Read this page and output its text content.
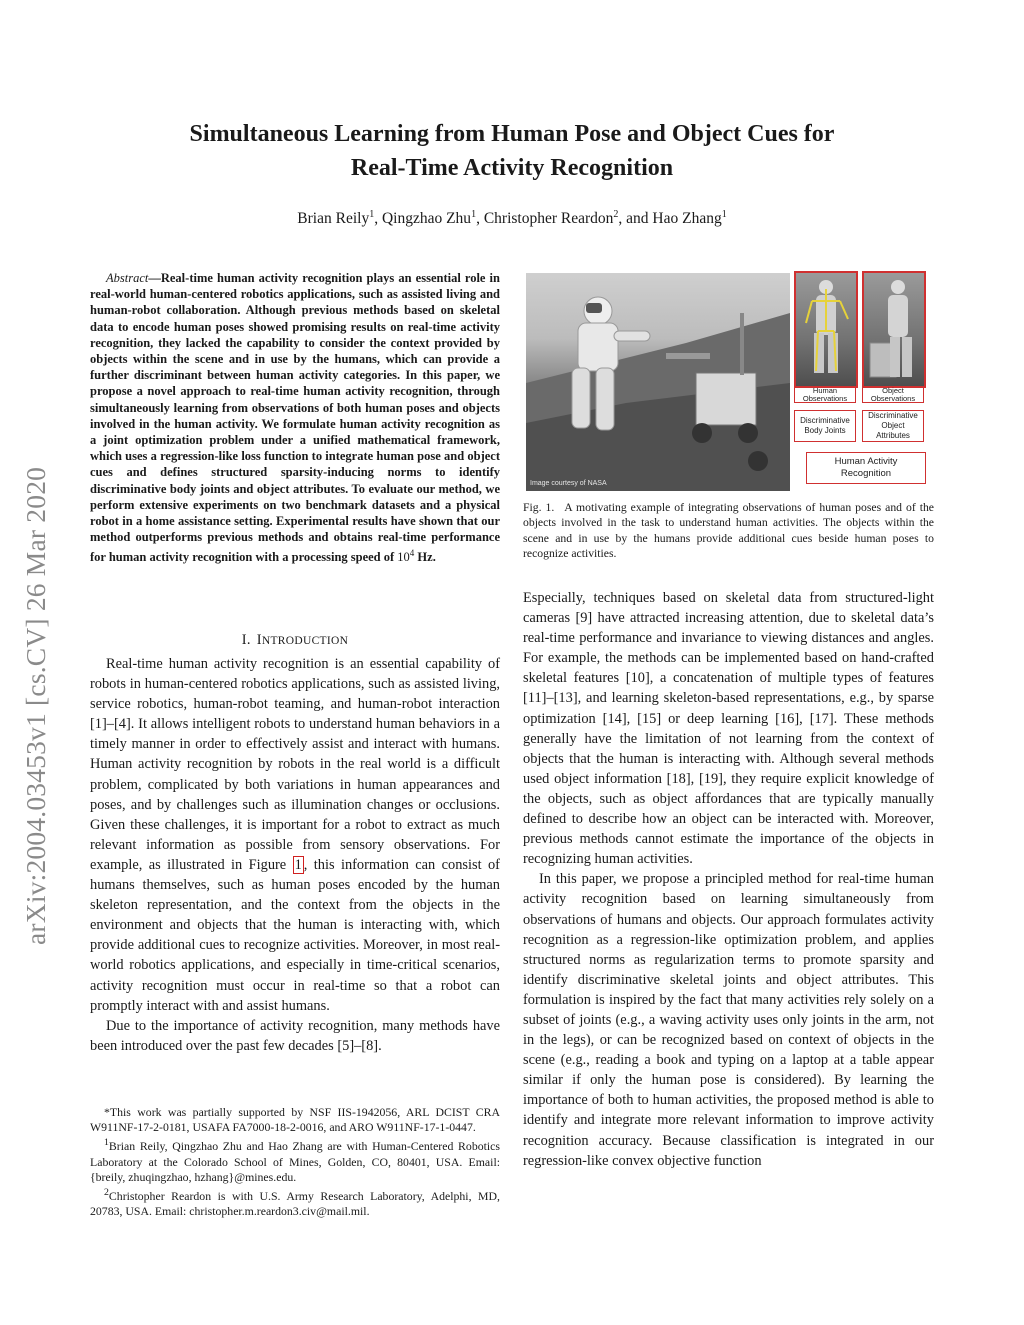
arXiv:2004.03453v1 [cs.CV] 26 Mar 2020
Simultaneous Learning from Human Pose and Object Cues for
Real-Time Activity Recognition
Brian Reily$^1$, Qingzhao Zhu$^1$, Christopher Reardon$^2$, and Hao Zhang$^1$
Abstract—Real-time human activity recognition plays an essential role in real-world human-centered robotics applications, such as assisted living and human-robot collaboration. Although previous methods based on skeletal data to encode human poses showed promising results on real-time activity recognition, they lacked the capability to consider the context provided by objects within the scene and in use by the humans, which can provide a further discriminant between human activity categories. In this paper, we propose a novel approach to real-time human activity recognition, through simultaneously learning from observations of both human poses and objects involved in the human activity. We formulate human activity recognition as a joint optimization problem under a unified mathematical framework, which uses a regression-like loss function to integrate human pose and object cues and defines structured sparsity-inducing norms to identify discriminative body joints and object attributes. To evaluate our method, we perform extensive experiments on two benchmark datasets and a physical robot in a home assistance setting. Experimental results have shown that our method outperforms previous methods and obtains real-time performance for human activity recognition with a processing speed of $10^4$ Hz.
I. INTRODUCTION

Real-time human activity recognition is an essential capability of robots in human-centered robotics applications, such as assisted living, service robotics, human-robot teaming, and human-robot interaction [1]–[4]. It allows intelligent robots to understand human behaviors in a timely manner in order to effectively assist and interact with humans. Human activity recognition by robots in the real world is a difficult problem, complicated by both variations in human appearances and poses, and by challenges such as illumination changes or occlusions. Given these challenges, it is important for a robot to extract as much relevant information as possible from sensory observations. For example, as illustrated in Figure 1 , this information can consist of humans themselves, such as human poses encoded by the human skeleton representation, and the context from the objects in the environment and objects that the human is interacting with, which provide additional cues to recognize activities. Moreover, in most real-world robotics applications, and especially in time-critical scenarios, activity recognition must occur in real-time so that a robot can promptly interact with and assist humans.

Due to the importance of activity recognition, many methods have been introduced over the past few decades [5]–[8].

*This work was partially supported by NSF IIS-1942056, ARL DCIST CRA W911NF-17-2-0181, USAFA FA7000-18-2-0016, and ARO W911NF-17-1-0447.

$^1$Brian Reily, Qingzhao Zhu and Hao Zhang are with Human-Centered Robotics Laboratory at the Colorado School of Mines, Golden, CO, 80401, USA. Email: {breily, zhuqingzhao, hzhang}@mines.edu.

$^2$Christopher Reardon is with U.S. Army Research Laboratory, Adelphi, MD, 20783, USA. Email: christopher.m.reardon3.civ@mail.mil.

Image courtesy of NASA
Human
Observations
Object
Observations
Discriminative
Body Joints
Discriminative
Object
Attributes
Human Activity
Recognition
Fig. 1. A motivating example of integrating observations of human poses and of the objects involved in the task to understand human activities. The objects within the scene and in use by the humans provide additional cues beside human poses to recognize activities.

Especially, techniques based on skeletal data from structured-light cameras [9] have attracted increasing attention, due to skeletal data’s real-time performance and invariance to viewing distances and angles. For example, the methods can be implemented based on hand-crafted skeletal features [10], a concatenation of multiple types of features [11]–[13], and learning skeleton-based representations, e.g., by sparse optimization [14], [15] or deep learning [16], [17]. These methods generally have the limitation of not learning from the context of objects that the human is interacting with. Although several methods used object information [18], [19], they require explicit knowledge of the objects, such as object affordances that are typically manually defined to describe how an object can be interacted with. Moreover, previous methods cannot estimate the importance of the objects in recognizing human activities.

In this paper, we propose a principled method for real-time human activity recognition based on learning simultaneously from observations of humans and objects. Our approach formulates activity recognition as a regression-like optimization problem, and applies structured norms as regularization terms to promote sparsity and identify discriminative skeletal joints and object attributes. This formulation is inspired by the fact that many activities rely solely on a subset of joints (e.g., a waving activity uses only joints in the arm, not in the legs), or can be recognized based on context of objects in the scene (e.g., reading a book and typing on a laptop at a table appear similar if only the human pose is considered). By learning the importance of both to human activities, the proposed method is able to identify and integrate more relevant information to improve activity recognition accuracy. Because classification is integrated in our regression-like convex objective function
